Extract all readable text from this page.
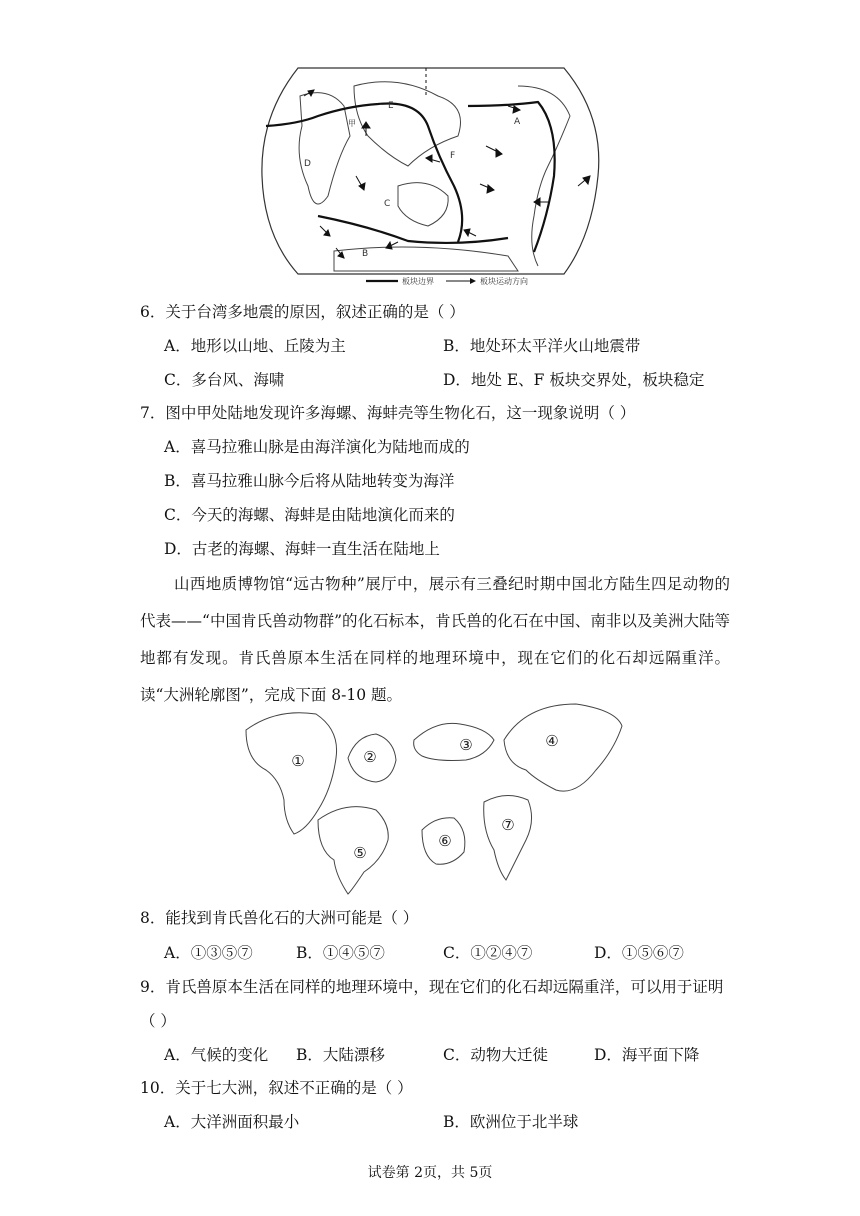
A
B
C
D
E
F
甲
板块边界	板块运动方向
6．关于台湾多地震的原因，叙述正确的是（ ）
A．地形以山地、丘陵为主	B．地处环太平洋火山地震带
C．多台风、海啸	D．地处 E、F 板块交界处，板块稳定
7．图中甲处陆地发现许多海螺、海蚌壳等生物化石，这一现象说明（ ）
A．喜马拉雅山脉是由海洋演化为陆地而成的
B．喜马拉雅山脉今后将从陆地转变为海洋
C．今天的海螺、海蚌是由陆地演化而来的
D．古老的海螺、海蚌一直生活在陆地上
山西地质博物馆“远古物种”展厅中，展示有三叠纪时期中国北方陆生四足动物的代表——“中国肯氏兽动物群”的化石标本，肯氏兽的化石在中国、南非以及美洲大陆等地都有发现。肯氏兽原本生活在同样的地理环境中，现在它们的化石却远隔重洋。读“大洲轮廓图”，完成下面 8-10 题。
①	②
③	④
⑤
⑥
⑦
8．能找到肯氏兽化石的大洲可能是（ ）
A．①③⑤⑦	B．①④⑤⑦	C．①②④⑦	D．①⑤⑥⑦
9．肯氏兽原本生活在同样的地理环境中，现在它们的化石却远隔重洋，可以用于证明
（ ）
A．气候的变化 B．大陆漂移	C．动物大迁徙	D．海平面下降
10．关于七大洲，叙述不正确的是（ ）
A．大洋洲面积最小	B．欧洲位于北半球
试卷第 2页，共 5页
